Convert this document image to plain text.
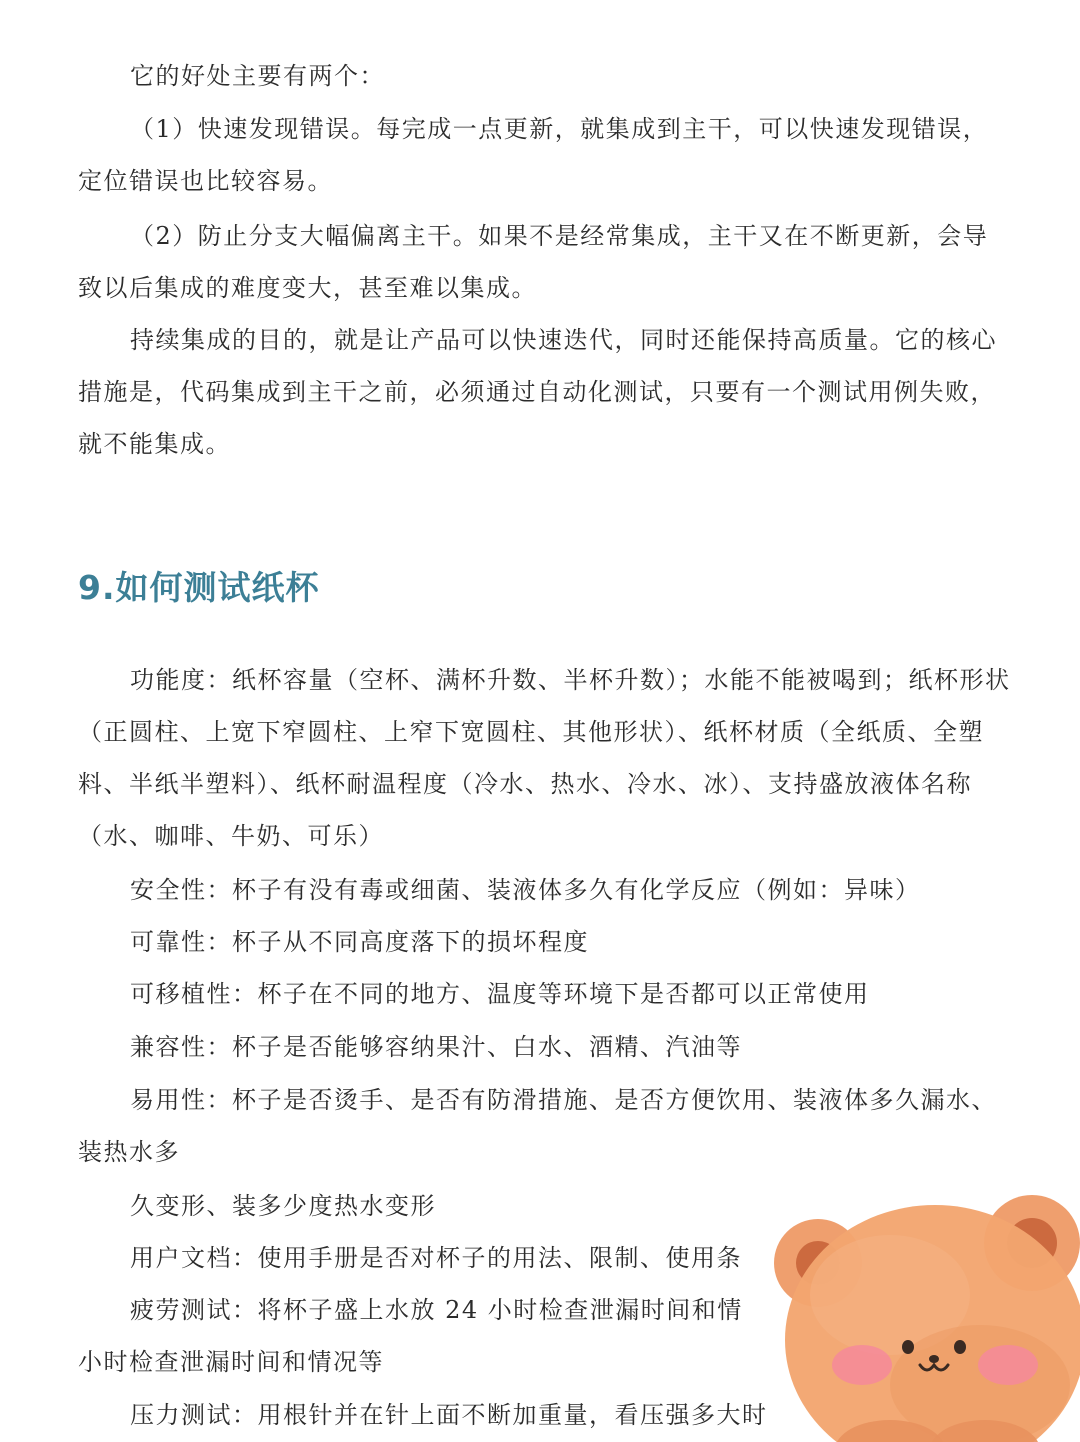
它的好处主要有两个：
（1）快速发现错误。每完成一点更新，就集成到主干，可以快速发现错误，定位错误也比较容易。
（2）防止分支大幅偏离主干。如果不是经常集成，主干又在不断更新，会导致以后集成的难度变大，甚至难以集成。
持续集成的目的，就是让产品可以快速迭代，同时还能保持高质量。它的核心措施是，代码集成到主干之前，必须通过自动化测试，只要有一个测试用例失败，就不能集成。
9.如何测试纸杯
功能度：纸杯容量（空杯、满杯升数、半杯升数）；水能不能被喝到；纸杯形状（正圆柱、上宽下窄圆柱、上窄下宽圆柱、其他形状）、纸杯材质（全纸质、全塑料、半纸半塑料）、纸杯耐温程度（冷水、热水、冷水、冰）、支持盛放液体名称（水、咖啡、牛奶、可乐）
安全性：杯子有没有毒或细菌、装液体多久有化学反应（例如：异味）
可靠性：杯子从不同高度落下的损坏程度
可移植性：杯子在不同的地方、温度等环境下是否都可以正常使用
兼容性：杯子是否能够容纳果汁、白水、酒精、汽油等
易用性：杯子是否烫手、是否有防滑措施、是否方便饮用、装液体多久漏水、装热水多
久变形、装多少度热水变形
用户文档：使用手册是否对杯子的用法、限制、使用条
疲劳测试：将杯子盛上水放 24 小时检查泄漏时间和情
小时检查泄漏时间和情况等
压力测试：用根针并在针上面不断加重量，看压强多大时
